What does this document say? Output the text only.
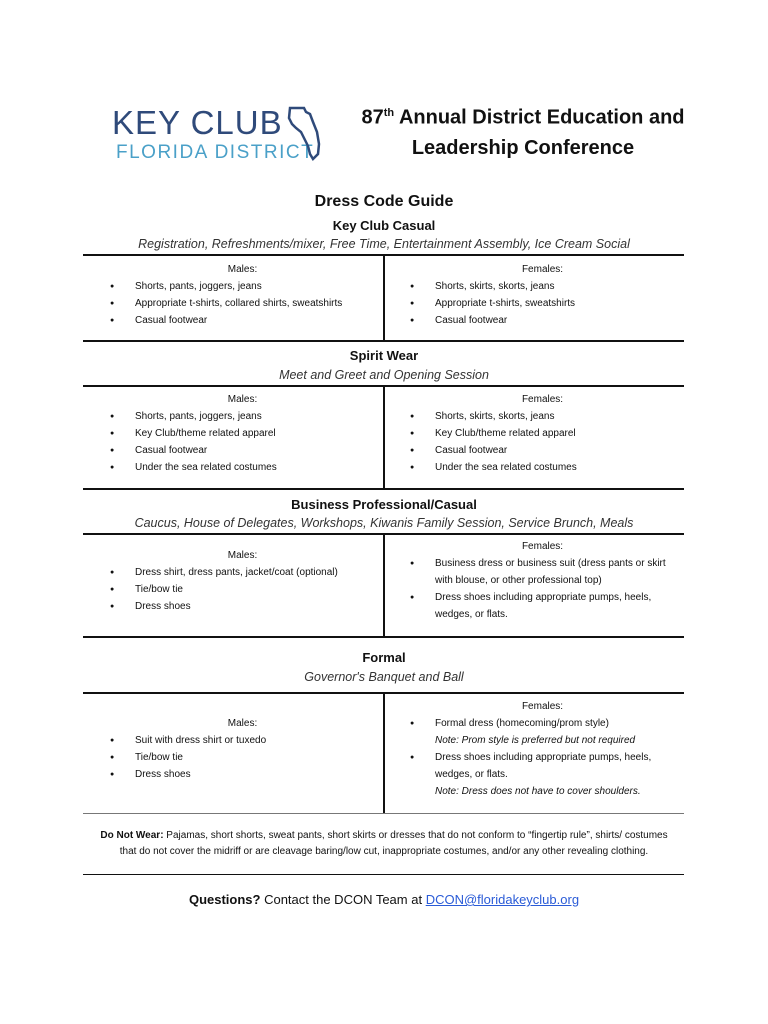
KEY CLUB
FLORIDA DISTRICT
87th Annual District Education and
Leadership Conference
Dress Code Guide
Key Club Casual
Registration, Refreshments/mixer, Free Time, Entertainment Assembly, Ice Cream Social
Males:
● Shorts, pants, joggers, jeans
● Appropriate t-shirts, collared shirts, sweatshirts
● Casual footwear
Females:
● Shorts, skirts, skorts, jeans
● Appropriate t-shirts, sweatshirts
● Casual footwear
Spirit Wear
Meet and Greet and Opening Session
Males:
● Shorts, pants, joggers, jeans
● Key Club/theme related apparel
● Casual footwear
● Under the sea related costumes
Females:
● Shorts, skirts, skorts, jeans
● Key Club/theme related apparel
● Casual footwear
● Under the sea related costumes
Business Professional/Casual
Caucus, House of Delegates, Workshops, Kiwanis Family Session, Service Brunch, Meals
Males:
● Dress shirt, dress pants, jacket/coat (optional)
● Tie/bow tie
● Dress shoes
Females:
● Business dress or business suit (dress pants or skirt with blouse, or other professional top)
● Dress shoes including appropriate pumps, heels, wedges, or flats.
Formal
Governor's Banquet and Ball
Males:
● Suit with dress shirt or tuxedo
● Tie/bow tie
● Dress shoes
Females:
● Formal dress (homecoming/prom style)
Note: Prom style is preferred but not required
● Dress shoes including appropriate pumps, heels, wedges, or flats.
Note: Dress does not have to cover shoulders.
Do Not Wear: Pajamas, short shorts, sweat pants, short skirts or dresses that do not conform to “fingertip rule”, shirts/ costumes that do not cover the midriff or are cleavage baring/low cut, inappropriate costumes, and/or any other revealing clothing.
Questions? Contact the DCON Team at DCON@floridakeyclub.org
